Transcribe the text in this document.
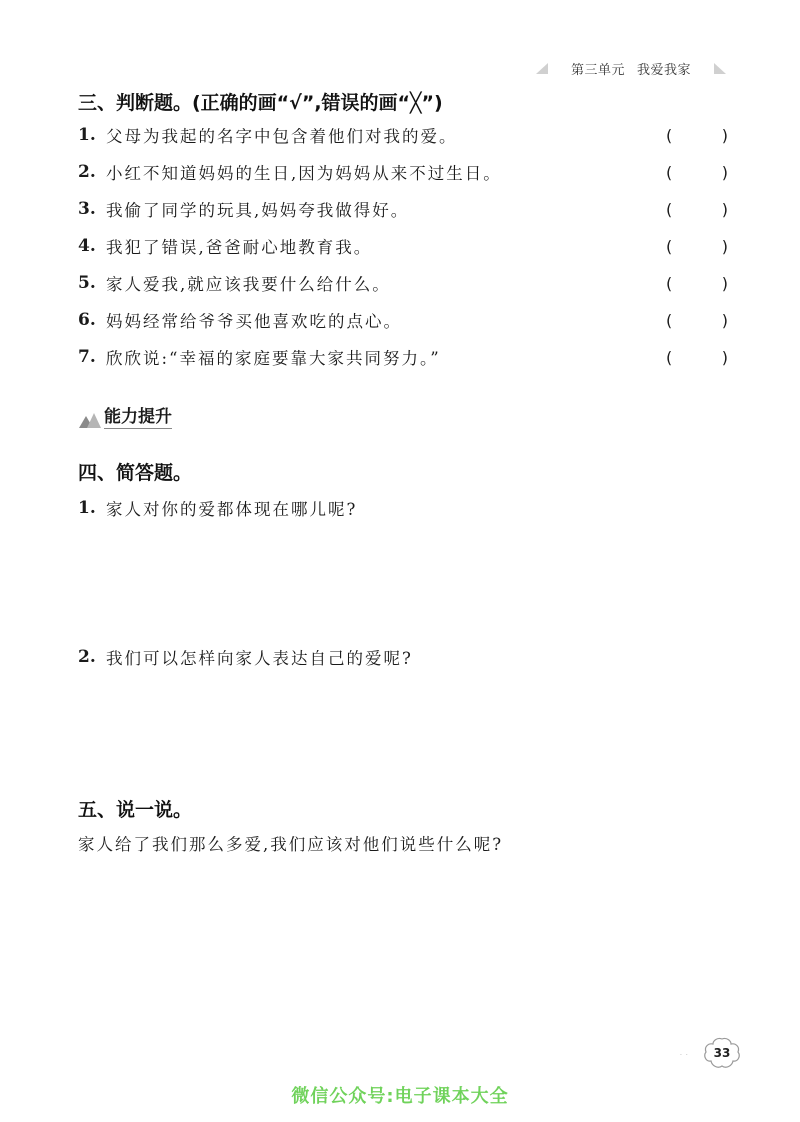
第三单元 我爱我家
三、判断题。(正确的画“√”,错误的画“╳”)
1. 父母为我起的名字中包含着他们对我的爱。	(	)
2. 小红不知道妈妈的生日,因为妈妈从来不过生日。	(	)
3. 我偷了同学的玩具,妈妈夸我做得好。	(	)
4. 我犯了错误,爸爸耐心地教育我。	(	)
5. 家人爱我,就应该我要什么给什么。	(	)
6. 妈妈经常给爷爷买他喜欢吃的点心。	(	)
7. 欣欣说:“幸福的家庭要靠大家共同努力。”	(	)
能力提升
四、简答题。
1. 家人对你的爱都体现在哪儿呢?
2. 我们可以怎样向家人表达自己的爱呢?
五、说一说。
家人给了我们那么多爱,我们应该对他们说些什么呢?
· ·	33
微信公众号:电子课本大全
